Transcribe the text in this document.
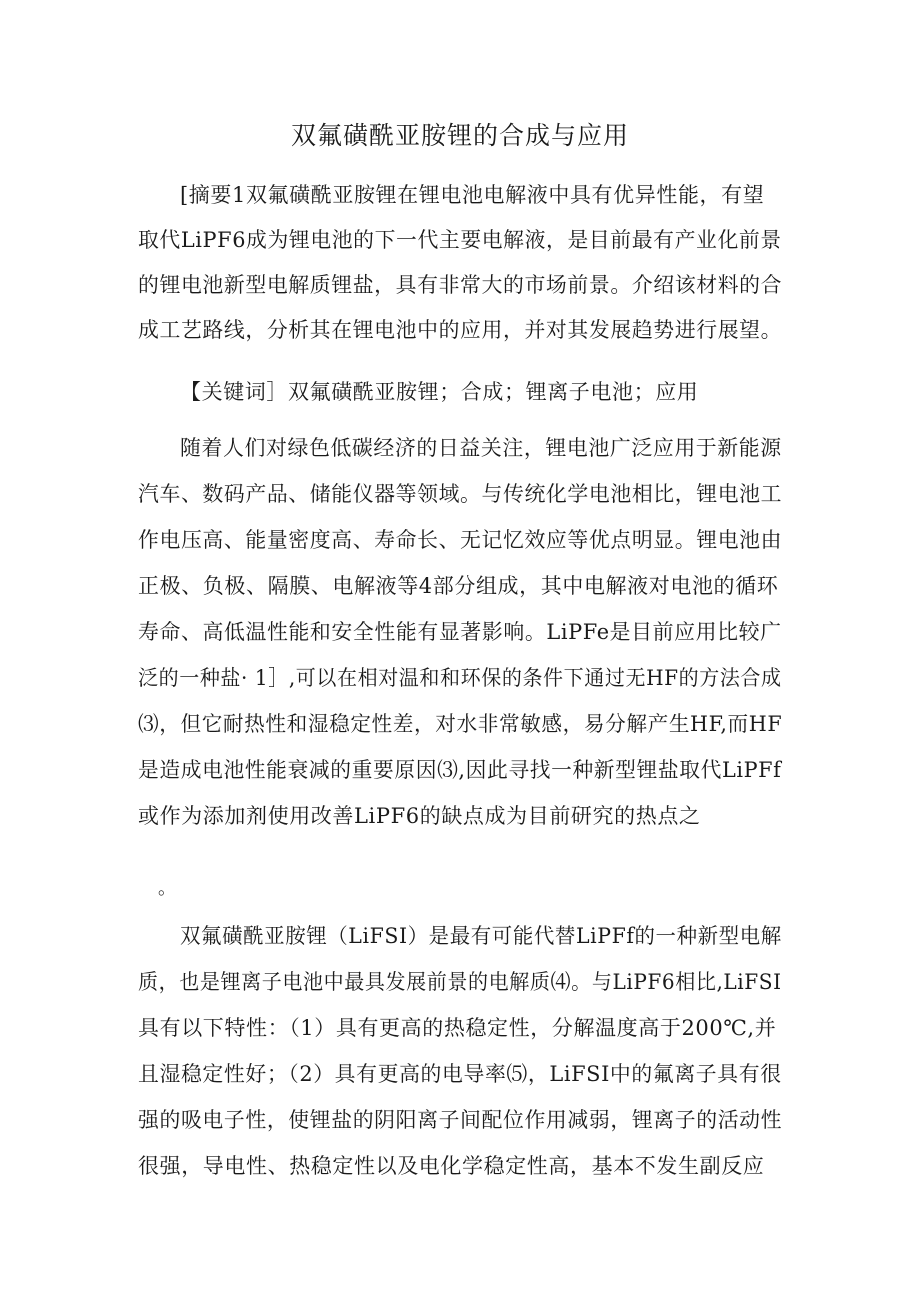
双氟磺酰亚胺锂的合成与应用

[摘要1双氟磺酰亚胺锂在锂电池电解液中具有优异性能，有望

取代LiPF6成为锂电池的下一代主要电解液，是目前最有产业化前景

的锂电池新型电解质锂盐，具有非常大的市场前景。介绍该材料的合

成工艺路线，分析其在锂电池中的应用，并对其发展趋势进行展望。

【关键词］双氟磺酰亚胺锂；合成；锂离子电池；应用

随着人们对绿色低碳经济的日益关注，锂电池广泛应用于新能源

汽车、数码产品、储能仪器等领域。与传统化学电池相比，锂电池工

作电压高、能量密度高、寿命长、无记忆效应等优点明显。锂电池由

正极、负极、隔膜、电解液等4部分组成，其中电解液对电池的循环

寿命、高低温性能和安全性能有显著影响。LiPFe是目前应用比较广

泛的一种盐· 1］,可以在相对温和和环保的条件下通过无HF的方法合成

⑶，但它耐热性和湿稳定性差，对水非常敏感，易分解产生HF,而HF

是造成电池性能衰减的重要原因⑶,因此寻找一种新型锂盐取代LiPFf

或作为添加剂使用改善LiPF6的缺点成为目前研究的热点之

。

双氟磺酰亚胺锂（LiFSI）是最有可能代替LiPFf的一种新型电解

质，也是锂离子电池中最具发展前景的电解质⑷。与LiPF6相比,LiFSI

具有以下特性：（1）具有更高的热稳定性，分解温度高于200℃,并

且湿稳定性好；（2）具有更高的电导率⑸，LiFSI中的氟离子具有很

强的吸电子性，使锂盐的阴阳离子间配位作用减弱，锂离子的活动性

很强，导电性、热稳定性以及电化学稳定性高，基本不发生副反应
